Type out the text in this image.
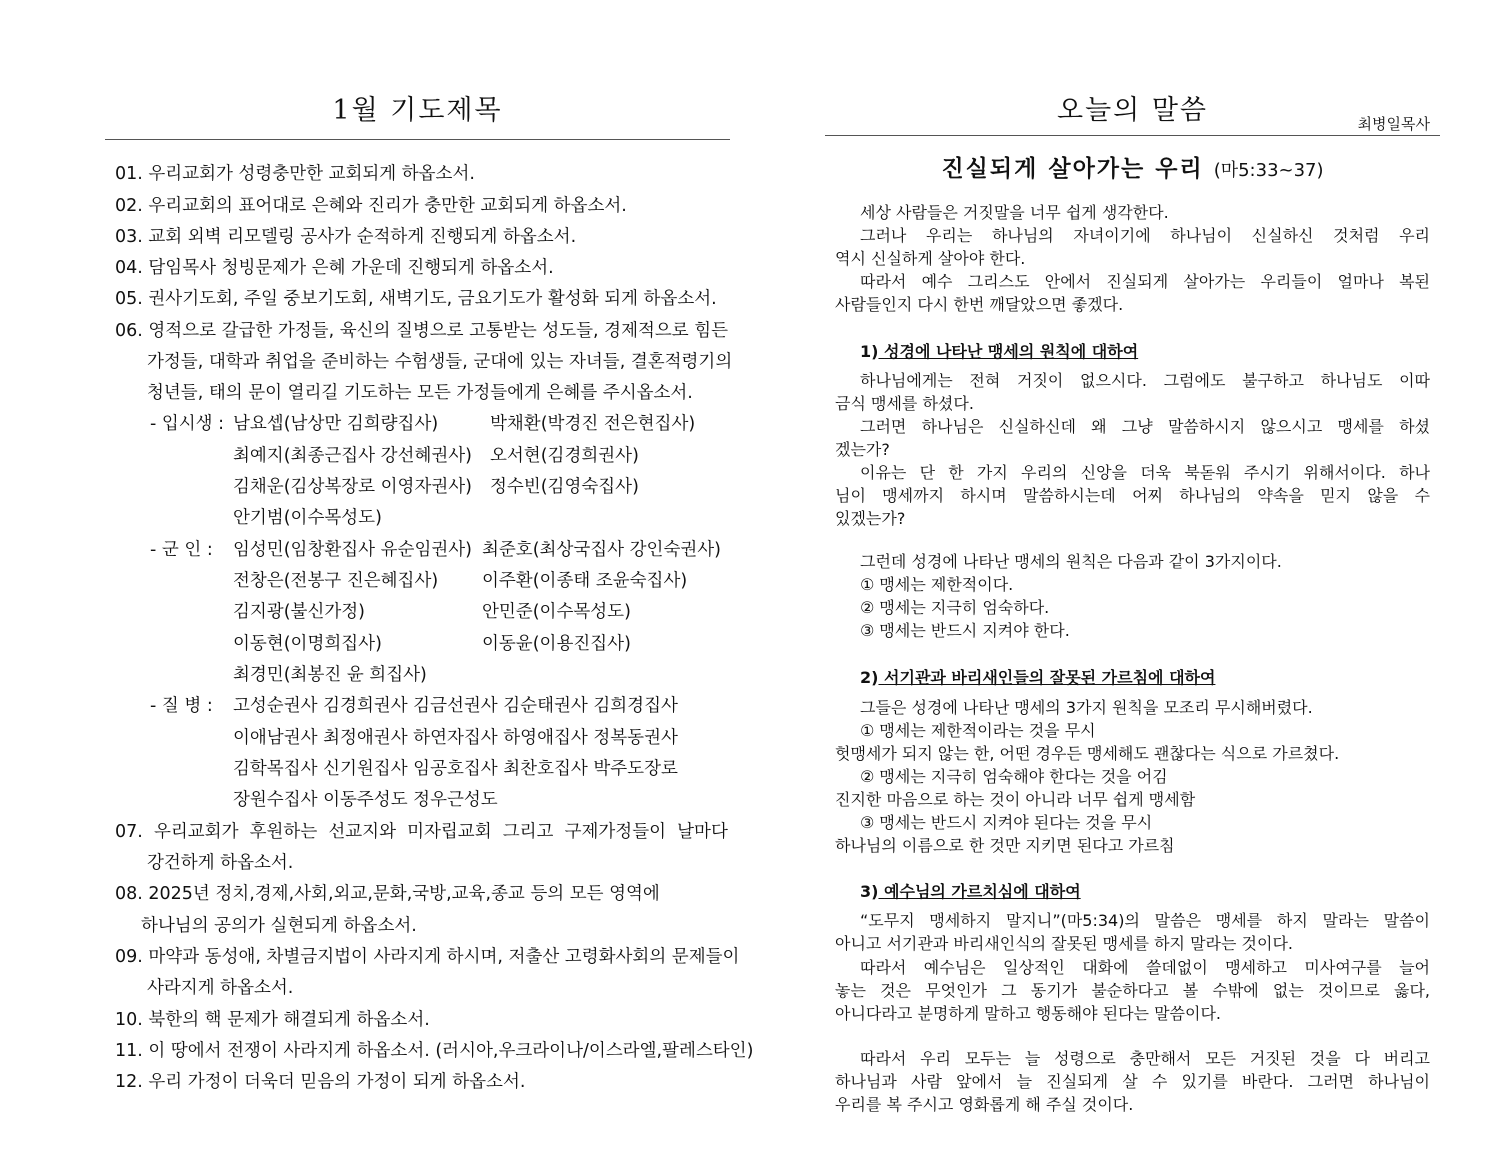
1월 기도제목
01. 우리교회가 성령충만한 교회되게 하옵소서.
02. 우리교회의 표어대로 은혜와 진리가 충만한 교회되게 하옵소서.
03. 교회 외벽 리모델링 공사가 순적하게 진행되게 하옵소서.
04. 담임목사 청빙문제가 은혜 가운데 진행되게 하옵소서.
05. 권사기도회, 주일 중보기도회, 새벽기도, 금요기도가 활성화 되게 하옵소서.
06. 영적으로 갈급한 가정들, 육신의 질병으로 고통받는 성도들, 경제적으로 힘든
가정들, 대학과 취업을 준비하는 수험생들, 군대에 있는 자녀들, 결혼적령기의
청년들, 태의 문이 열리길 기도하는 모든 가정들에게 은혜를 주시옵소서.
- 입시생 : 남요셉(남상만 김희량집사)
최예지(최종근집사 강선혜권사)
김채운(김상복장로 이영자권사)
안기범(이수목성도)
박채환(박경진 전은현집사)
오서현(김경희권사)
정수빈(김영숙집사)
- 군 인 : 임성민(임창환집사 유순임권사)
전창은(전봉구 진은혜집사)
김지광(불신가정)
이동현(이명희집사)
최경민(최봉진 윤 희집사)
최준호(최상국집사 강인숙권사)
이주환(이종태 조윤숙집사)
안민준(이수목성도)
이동윤(이용진집사)
- 질 병 : 고성순권사 김경희권사 김금선권사 김순태권사 김희경집사
이애남권사 최정애권사 하연자집사 하영애집사 정복동권사
김학목집사 신기원집사 임공호집사 최찬호집사 박주도장로
장원수집사 이동주성도 정우근성도
07.  우리교회가  후원하는  선교지와  미자립교회  그리고  구제가정들이  날마다
강건하게 하옵소서.
08. 2025년 정치,경제,사회,외교,문화,국방,교육,종교 등의 모든 영역에
하나님의 공의가 실현되게 하옵소서.
09. 마약과 동성애, 차별금지법이 사라지게 하시며, 저출산 고령화사회의 문제들이
사라지게 하옵소서.
10. 북한의 핵 문제가 해결되게 하옵소서.
11. 이 땅에서 전쟁이 사라지게 하옵소서. (러시아,우크라이나/이스라엘,팔레스타인)
12. 우리 가정이 더욱더 믿음의 가정이 되게 하옵소서.
오늘의 말씀	최병일목사
진실되게 살아가는 우리 (마5:33~37)
세상 사람들은 거짓말을 너무 쉽게 생각한다.
그러나 우리는 하나님의 자녀이기에 하나님이 신실하신 것처럼 우리
역시 신실하게 살아야 한다.
따라서 예수 그리스도 안에서 진실되게 살아가는 우리들이 얼마나 복된
사람들인지 다시 한번 깨달았으면 좋겠다.
1) 성경에 나타난 맹세의 원칙에 대하여
하나님에게는 전혀 거짓이 없으시다. 그럼에도 불구하고 하나님도 이따
금식 맹세를 하셨다.
그러면 하나님은 신실하신데 왜 그냥 말씀하시지 않으시고 맹세를 하셨
겠는가?
이유는 단 한 가지 우리의 신앙을 더욱 북돋워 주시기 위해서이다. 하나
님이 맹세까지 하시며 말씀하시는데 어찌 하나님의 약속을 믿지 않을 수
있겠는가?
그런데 성경에 나타난 맹세의 원칙은 다음과 같이 3가지이다.
① 맹세는 제한적이다.
② 맹세는 지극히 엄숙하다.
③ 맹세는 반드시 지켜야 한다.
2) 서기관과 바리새인들의 잘못된 가르침에 대하여
그들은 성경에 나타난 맹세의 3가지 원칙을 모조리 무시해버렸다.
① 맹세는 제한적이라는 것을 무시
헛맹세가 되지 않는 한, 어떤 경우든 맹세해도 괜찮다는 식으로 가르쳤다.
② 맹세는 지극히 엄숙해야 한다는 것을 어김
진지한 마음으로 하는 것이 아니라 너무 쉽게 맹세함
③ 맹세는 반드시 지켜야 된다는 것을 무시
하나님의 이름으로 한 것만 지키면 된다고 가르침
3) 예수님의 가르치심에 대하여
“도무지 맹세하지 말지니”(마5:34)의 말씀은 맹세를 하지 말라는 말씀이
아니고 서기관과 바리새인식의 잘못된 맹세를 하지 말라는 것이다.
따라서 예수님은 일상적인 대화에 쓸데없이 맹세하고 미사여구를 늘어
놓는 것은 무엇인가 그 동기가 불순하다고 볼 수밖에 없는 것이므로 옳다,
아니다라고 분명하게 말하고 행동해야 된다는 말씀이다.
따라서 우리 모두는 늘 성령으로 충만해서 모든 거짓된 것을 다 버리고
하나님과 사람 앞에서 늘 진실되게 살 수 있기를 바란다. 그러면 하나님이
우리를 복 주시고 영화롭게 해 주실 것이다.
